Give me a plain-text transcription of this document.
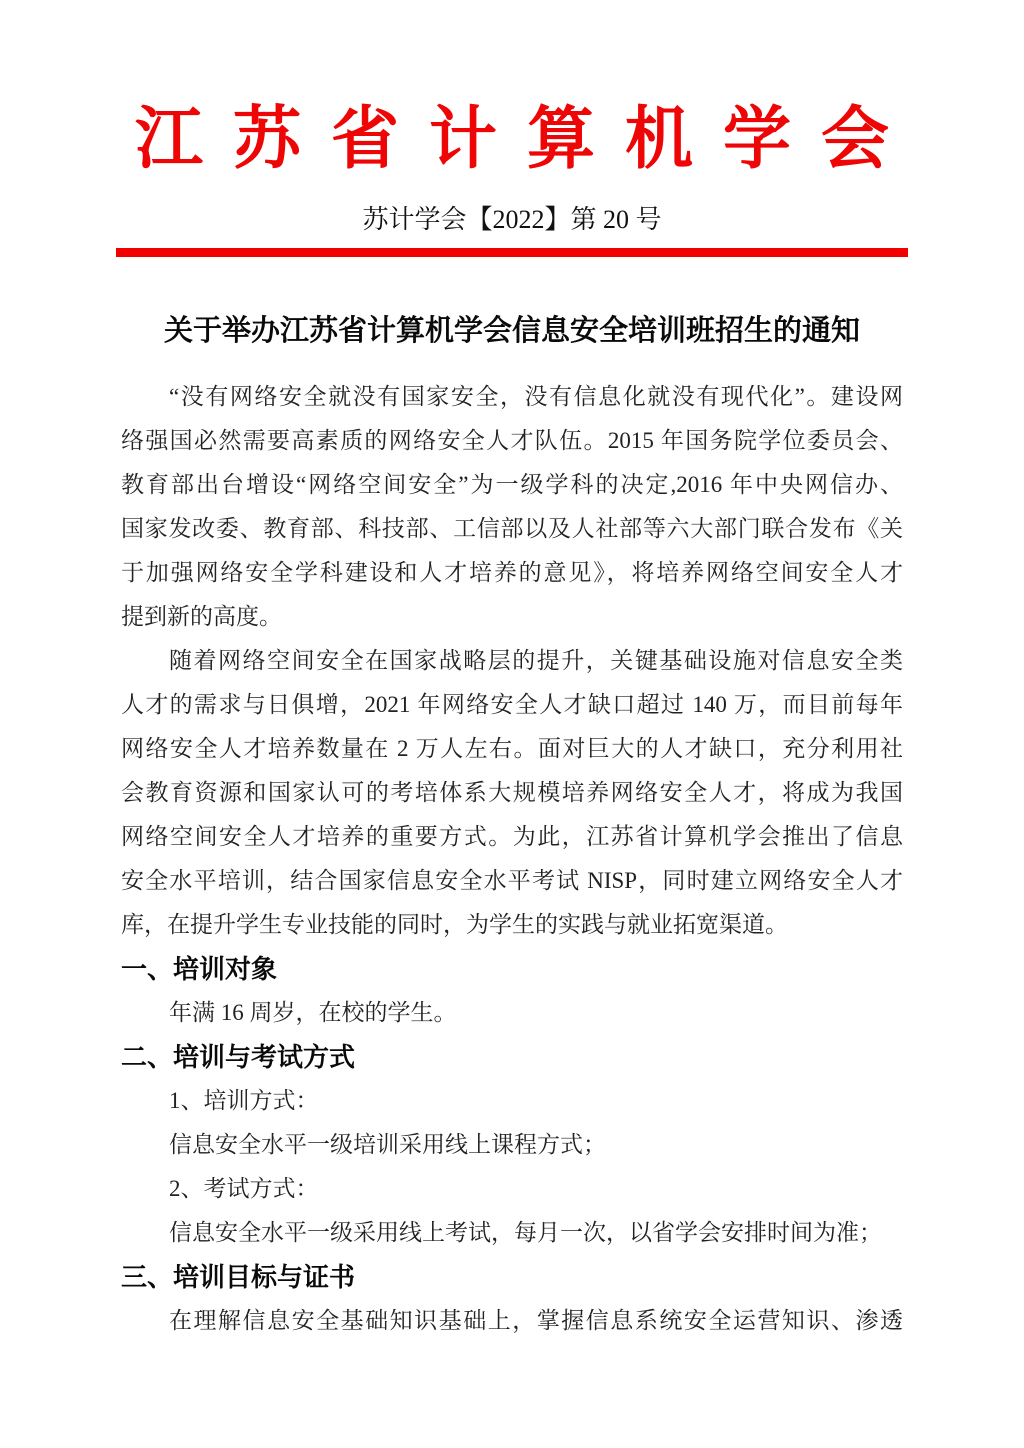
江苏省计算机学会
苏计学会【2022】第 20 号
关于举办江苏省计算机学会信息安全培训班招生的通知
“没有网络安全就没有国家安全，没有信息化就没有现代化”。建设网
络强国必然需要高素质的网络安全人才队伍。2015 年国务院学位委员会、
教育部出台增设“网络空间安全”为一级学科的决定,2016 年中央网信办、
国家发改委、教育部、科技部、工信部以及人社部等六大部门联合发布《关
于加强网络安全学科建设和人才培养的意见》，将培养网络空间安全人才
提到新的高度。
随着网络空间安全在国家战略层的提升，关键基础设施对信息安全类
人才的需求与日俱增，2021 年网络安全人才缺口超过 140 万，而目前每年
网络安全人才培养数量在 2 万人左右。面对巨大的人才缺口，充分利用社
会教育资源和国家认可的考培体系大规模培养网络安全人才，将成为我国
网络空间安全人才培养的重要方式。为此，江苏省计算机学会推出了信息
安全水平培训，结合国家信息安全水平考试 NISP，同时建立网络安全人才
库，在提升学生专业技能的同时，为学生的实践与就业拓宽渠道。
一、培训对象
年满 16 周岁，在校的学生。
二、培训与考试方式
1、培训方式：
信息安全水平一级培训采用线上课程方式；
2、考试方式：
信息安全水平一级采用线上考试，每月一次，以省学会安排时间为准；
三、培训目标与证书
在理解信息安全基础知识基础上，掌握信息系统安全运营知识、渗透
